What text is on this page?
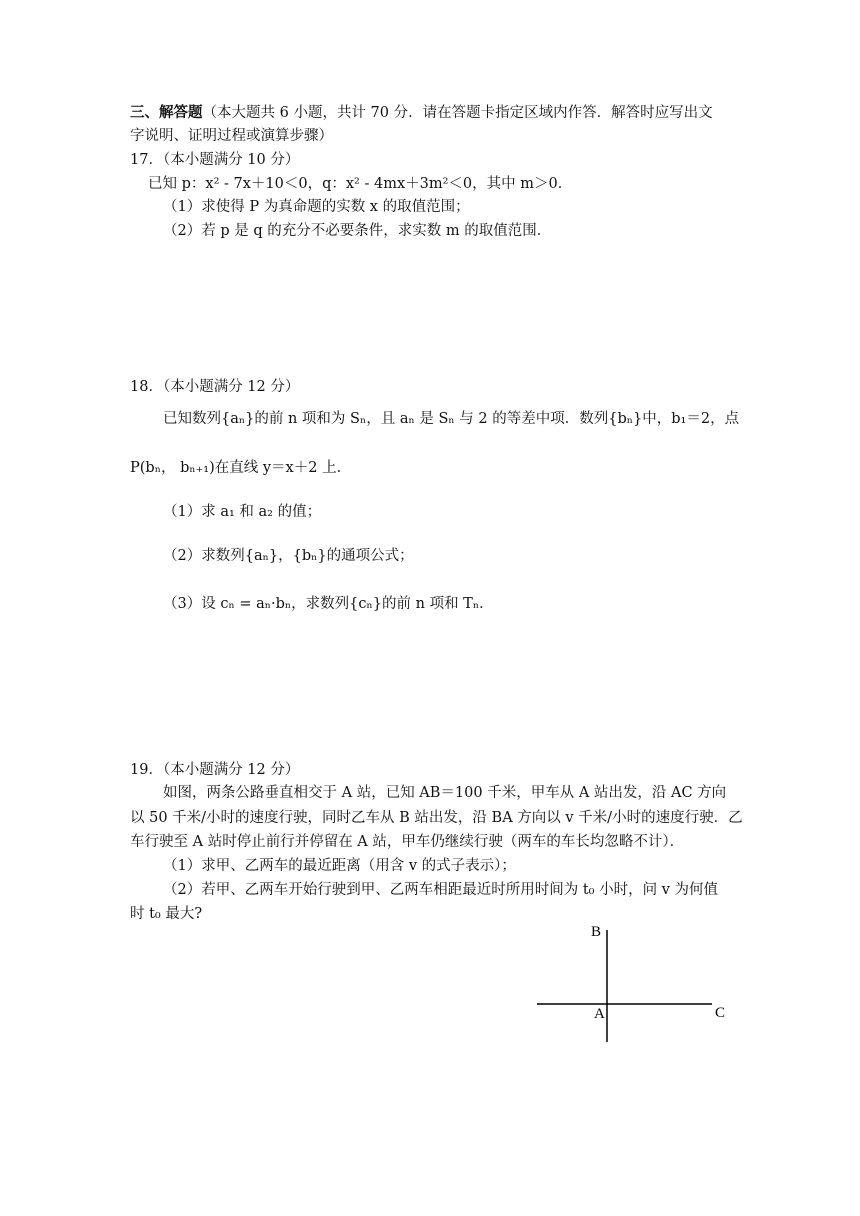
三、解答题（本大题共 6 小题，共计 70 分．请在答题卡指定区域内作答．解答时应写出文
字说明、证明过程或演算步骤）
17．（本小题满分 10 分）
已知 p：x² - 7x＋10＜0，q：x² - 4mx＋3m²＜0，其中 m＞0．
（1）求使得 P 为真命题的实数 x 的取值范围；
（2）若 p 是 q 的充分不必要条件，求实数 m 的取值范围．
18．（本小题满分 12 分）
已知数列{aₙ}的前 n 项和为 Sₙ，且 aₙ 是 Sₙ 与 2 的等差中项．数列{bₙ}中，b₁＝2，点
P(bₙ， bₙ₊₁)在直线 y＝x＋2 上．
（1）求 a₁ 和 a₂ 的值；
（2）求数列{aₙ}，{bₙ}的通项公式；
（3）设 cₙ = aₙ·bₙ，求数列{cₙ}的前 n 项和 Tₙ．
19．（本小题满分 12 分）
如图，两条公路垂直相交于 A 站，已知 AB＝100 千米，甲车从 A 站出发，沿 AC 方向
以 50 千米/小时的速度行驶，同时乙车从 B 站出发，沿 BA 方向以 v 千米/小时的速度行驶．乙
车行驶至 A 站时停止前行并停留在 A 站，甲车仍继续行驶（两车的车长均忽略不计）．
（1）求甲、乙两车的最近距离（用含 v 的式子表示）；
（2）若甲、乙两车开始行驶到甲、乙两车相距最近时所用时间为 t₀ 小时，问 v 为何值
时 t₀ 最大?
B
A	C
